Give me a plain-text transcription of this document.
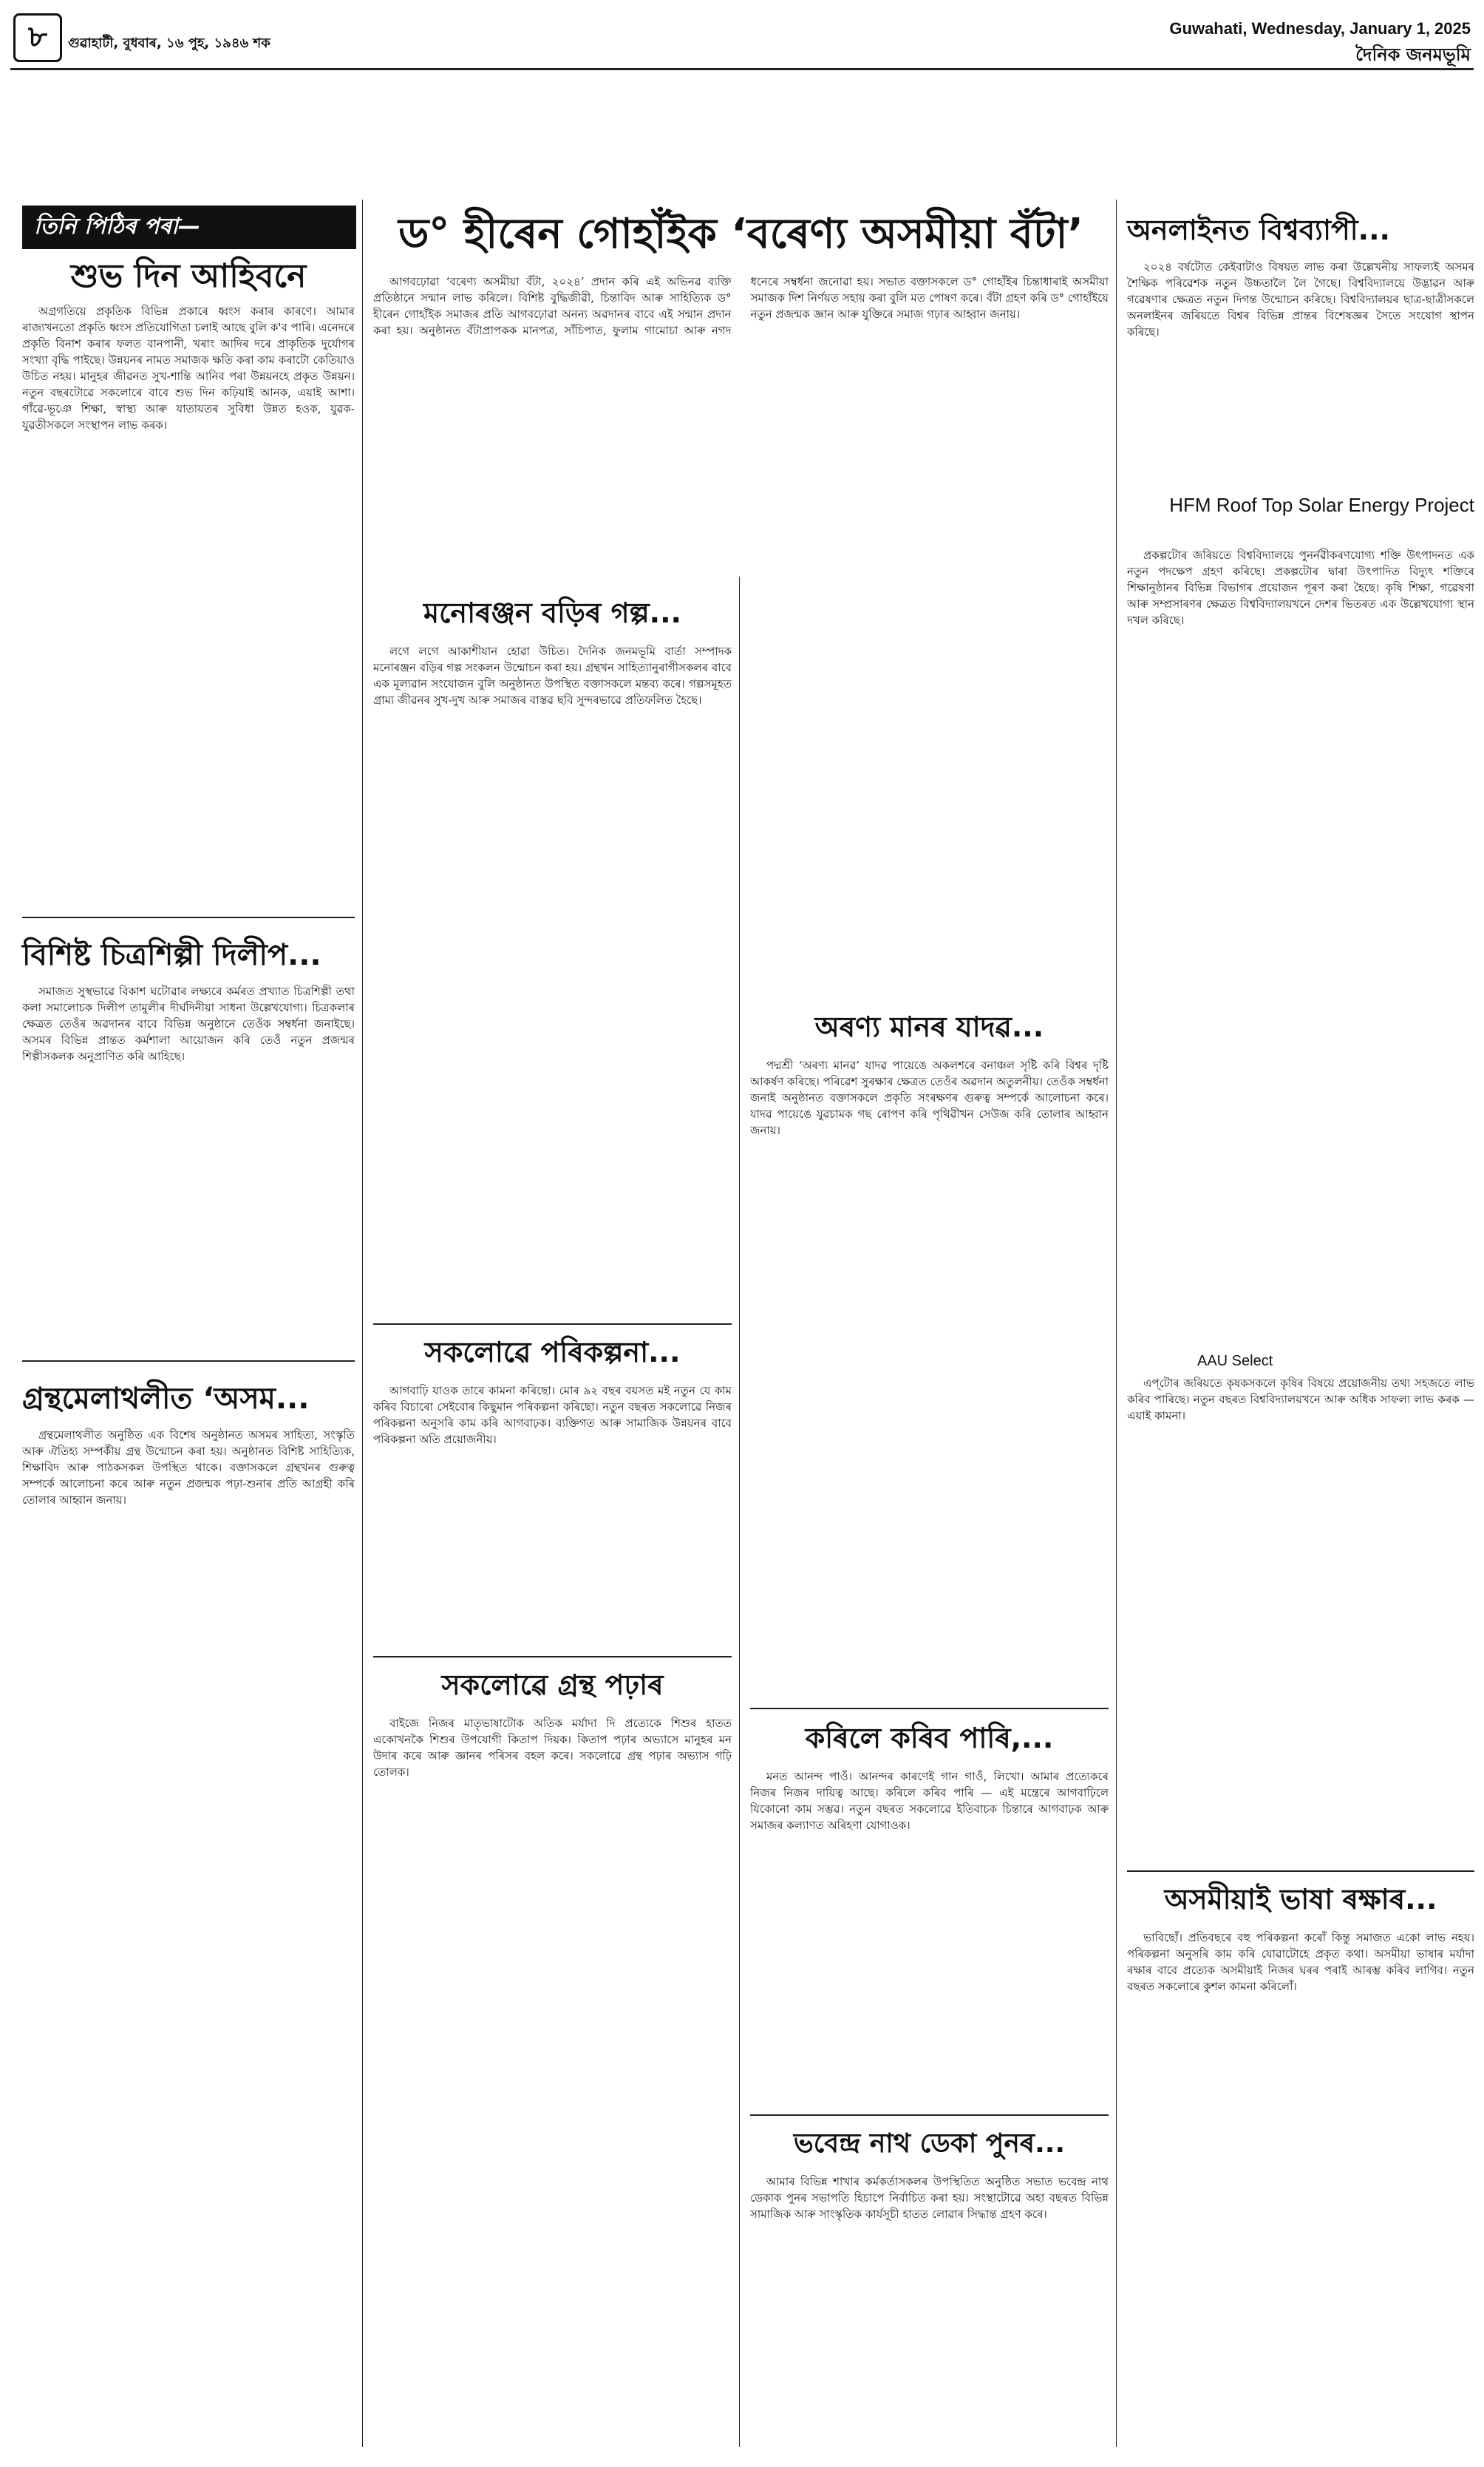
৮	গুৱাহাটী, বুধবাৰ, ১৬ পুহ, ১৯৪৬ শক
Guwahati, Wednesday, January 1, 2025
দৈনিক জনমভূমি
তিনি পিঠিৰ পৰা—
শুভ দিন আহিবনে

অগ্ৰগতিয়ে প্ৰকৃতিক বিভিন্ন প্ৰকাৰে ধ্বংস কৰাৰ কাৰণে। আমাৰ ৰাজ্যখনতো প্ৰকৃতি ধ্বংস প্ৰতিযোগিতা চলাই আছে বুলি ক'ব পাৰি। এনেদৰে প্ৰকৃতি বিনাশ কৰাৰ ফলত বানপানী, খৰাং আদিৰ দৰে প্ৰাকৃতিক দুৰ্যোগৰ সংখ্যা বৃদ্ধি পাইছে। উন্নয়নৰ নামত সমাজক ক্ষতি কৰা কাম কৰাটো কেতিয়াও উচিত নহয়। মানুহৰ জীৱনত সুখ-শান্তি আনিব পৰা উন্নয়নহে প্ৰকৃত উন্নয়ন। নতুন বছৰটোৱে সকলোৰে বাবে শুভ দিন কঢ়িয়াই আনক, এয়াই আশা। গাঁৱে-ভূঞে শিক্ষা, স্বাস্থ্য আৰু যাতায়তৰ সুবিধা উন্নত হওক, যুৱক-যুৱতীসকলে সংস্থাপন লাভ কৰক।

বিশিষ্ট চিত্ৰশিল্পী দিলীপ...

সমাজত সুস্থভাৱে বিকাশ ঘটোৱাৰ লক্ষ্যৰে কৰ্মৰত প্ৰখ্যাত চিত্ৰশিল্পী তথা কলা সমালোচক দিলীপ তামুলীৰ দীৰ্ঘদিনীয়া সাধনা উল্লেখযোগ্য। চিত্ৰকলাৰ ক্ষেত্ৰত তেওঁৰ অৱদানৰ বাবে বিভিন্ন অনুষ্ঠানে তেওঁক সম্বৰ্ধনা জনাইছে। অসমৰ বিভিন্ন প্ৰান্তত কৰ্মশালা আয়োজন কৰি তেওঁ নতুন প্ৰজন্মৰ শিল্পীসকলক অনুপ্ৰাণিত কৰি আহিছে।

গ্ৰন্থমেলাথলীত ‘অসম...

গ্ৰন্থমেলাথলীত অনুষ্ঠিত এক বিশেষ অনুষ্ঠানত অসমৰ সাহিত্য, সংস্কৃতি আৰু ঐতিহ্য সম্পৰ্কীয় গ্ৰন্থ উন্মোচন কৰা হয়। অনুষ্ঠানত বিশিষ্ট সাহিত্যিক, শিক্ষাবিদ আৰু পাঠকসকল উপস্থিত থাকে। বক্তাসকলে গ্ৰন্থখনৰ গুৰুত্ব সম্পৰ্কে আলোচনা কৰে আৰু নতুন প্ৰজন্মক পঢ়া-শুনাৰ প্ৰতি আগ্ৰহী কৰি তোলাৰ আহ্বান জনায়।

ড° হীৰেন গোহাঁইক ‘বৰেণ্য অসমীয়া বঁটা’

আগবঢ়োৱা ‘বৰেণ্য অসমীয়া বঁটা, ২০২৪’ প্ৰদান কৰি এই অভিনৱ ব্যক্তি প্ৰতিষ্ঠানে সন্মান লাভ কৰিলে। বিশিষ্ট বুদ্ধিজীৱী, চিন্তাবিদ আৰু সাহিত্যিক ড° হীৰেন গোহাঁইক সমাজৰ প্ৰতি আগবঢ়োৱা অনন্য অৱদানৰ বাবে এই সন্মান প্ৰদান কৰা হয়। অনুষ্ঠানত বঁটাপ্ৰাপকক মানপত্ৰ, সাঁচিপাত, ফুলাম গামোচা আৰু নগদ ধনেৰে সম্বৰ্ধনা জনোৱা হয়। সভাত বক্তাসকলে ড° গোহাঁইৰ চিন্তাধাৰাই অসমীয়া সমাজক দিশ নিৰ্ণয়ত সহায় কৰা বুলি মত পোষণ কৰে। বঁটা গ্ৰহণ কৰি ড° গোহাঁইয়ে নতুন প্ৰজন্মক জ্ঞান আৰু যুক্তিৰে সমাজ গঢ়াৰ আহ্বান জনায়।

মনোৰঞ্জন বড়িৰ গল্প...

লগে লগে আকাশীযান হোৱা উচিত। দৈনিক জনমভূমি বাৰ্তা সম্পাদক মনোৰঞ্জন বড়িৰ গল্প সংকলন উন্মোচন কৰা হয়। গ্ৰন্থখন সাহিত্যানুৰাগীসকলৰ বাবে এক মূল্যৱান সংযোজন বুলি অনুষ্ঠানত উপস্থিত বক্তাসকলে মন্তব্য কৰে। গল্পসমূহত গ্ৰাম্য জীৱনৰ সুখ-দুখ আৰু সমাজৰ বাস্তৱ ছবি সুন্দৰভাৱে প্ৰতিফলিত হৈছে।

সকলোৱে পৰিকল্পনা...

আগবাঢ়ি যাওক তাৰে কামনা কৰিছো। মোৰ ৯২ বছৰ বয়সত মই নতুন যে কাম কৰিব বিচাৰো সেইবোৰ কিছুমান পৰিকল্পনা কৰিছো। নতুন বছৰত সকলোৱে নিজৰ পৰিকল্পনা অনুসৰি কাম কৰি আগবাঢ়ক। ব্যক্তিগত আৰু সামাজিক উন্নয়নৰ বাবে পৰিকল্পনা অতি প্ৰয়োজনীয়।

সকলোৱে গ্ৰন্থ পঢ়াৰ

বাইজে নিজৰ মাতৃভাষাটোক অতিক মৰ্যাদা দি প্ৰত্যেকে শিশুৰ হাতত একোখনকৈ শিশুৰ উপযোগী কিতাপ দিয়ক। কিতাপ পঢ়াৰ অভ্যাসে মানুহৰ মন উদাৰ কৰে আৰু জ্ঞানৰ পৰিসৰ বহল কৰে। সকলোৱে গ্ৰন্থ পঢ়াৰ অভ্যাস গঢ়ি তোলক।

অৰণ্য মানৰ যাদৱ...

পদ্মশ্ৰী ‘অৰণ্য মানৱ’ যাদৱ পায়েঙে অকলশৰে বনাঞ্চল সৃষ্টি কৰি বিশ্বৰ দৃষ্টি আকৰ্ষণ কৰিছে। পৰিৱেশ সুৰক্ষাৰ ক্ষেত্ৰত তেওঁৰ অৱদান অতুলনীয়। তেওঁক সম্বৰ্ধনা জনাই অনুষ্ঠানত বক্তাসকলে প্ৰকৃতি সংৰক্ষণৰ গুৰুত্ব সম্পৰ্কে আলোচনা কৰে। যাদৱ পায়েঙে যুৱচামক গছ ৰোপণ কৰি পৃথিৱীখন সেউজ কৰি তোলাৰ আহ্বান জনায়।

কৰিলে কৰিব পাৰি,...

মনত আনন্দ পাওঁ। আনন্দৰ কাৰণেই গান গাওঁ, লিখো। আমাৰ প্ৰত্যেকৰে নিজৰ নিজৰ দায়িত্ব আছে। কৰিলে কৰিব পাৰি — এই মন্ত্ৰেৰে আগবাঢ়িলে যিকোনো কাম সম্ভৱ। নতুন বছৰত সকলোৱে ইতিবাচক চিন্তাৰে আগবাঢ়ক আৰু সমাজৰ কল্যাণত অৰিহণা যোগাওক।

ভবেন্দ্ৰ নাথ ডেকা পুনৰ...

আমাৰ বিভিন্ন শাখাৰ কৰ্মকৰ্তাসকলৰ উপস্থিতিত অনুষ্ঠিত সভাত ভবেন্দ্ৰ নাথ ডেকাক পুনৰ সভাপতি হিচাপে নিৰ্বাচিত কৰা হয়। সংস্থাটোৱে অহা বছৰত বিভিন্ন সামাজিক আৰু সাংস্কৃতিক কাৰ্যসূচী হাতত লোৱাৰ সিদ্ধান্ত গ্ৰহণ কৰে।

অনলাইনত বিশ্বব্যাপী...

২০২৪ বৰ্ষটোত কেইবাটাও বিষয়ত লাভ কৰা উল্লেখনীয় সাফল্যই অসমৰ শৈক্ষিক পৰিৱেশক নতুন উচ্চতালৈ লৈ গৈছে। বিশ্ববিদ্যালয়ে উদ্ভাৱন আৰু গৱেষণাৰ ক্ষেত্ৰত নতুন দিগন্ত উন্মোচন কৰিছে। বিশ্ববিদ্যালয়ৰ ছাত্ৰ-ছাত্ৰীসকলে অনলাইনৰ জৰিয়তে বিশ্বৰ বিভিন্ন প্ৰান্তৰ বিশেষজ্ঞৰ সৈতে সংযোগ স্থাপন কৰিছে।

HFM Roof Top Solar Energy Project

প্ৰকল্পটোৰ জৰিয়তে বিশ্ববিদ্যালয়ে পুনৰ্নৱীকৰণযোগ্য শক্তি উৎপাদনত এক নতুন পদক্ষেপ গ্ৰহণ কৰিছে। প্ৰকল্পটোৰ দ্বাৰা উৎপাদিত বিদ্যুৎ শক্তিৰে শিক্ষানুষ্ঠানৰ বিভিন্ন বিভাগৰ প্ৰয়োজন পূৰণ কৰা হৈছে। কৃষি শিক্ষা, গৱেষণা আৰু সম্প্ৰসাৰণৰ ক্ষেত্ৰত বিশ্ববিদ্যালয়খনে দেশৰ ভিতৰত এক উল্লেখযোগ্য স্থান দখল কৰিছে।

AAU Select

এপ্‌টোৰ জৰিয়তে কৃষকসকলে কৃষিৰ বিষয়ে প্ৰয়োজনীয় তথ্য সহজতে লাভ কৰিব পাৰিছে। নতুন বছৰত বিশ্ববিদ্যালয়খনে আৰু অধিক সাফল্য লাভ কৰক — এয়াই কামনা।

অসমীয়াই ভাষা ৰক্ষাৰ...

ভাবিছোঁ। প্ৰতিবছৰে বহু পৰিকল্পনা কৰোঁ কিন্তু সমাজত একো লাভ নহয়। পৰিকল্পনা অনুসৰি কাম কৰি যোৱাটোহে প্ৰকৃত কথা। অসমীয়া ভাষাৰ মৰ্যাদা ৰক্ষাৰ বাবে প্ৰত্যেক অসমীয়াই নিজৰ ঘৰৰ পৰাই আৰম্ভ কৰিব লাগিব। নতুন বছৰত সকলোৰে কুশল কামনা কৰিলোঁ।
